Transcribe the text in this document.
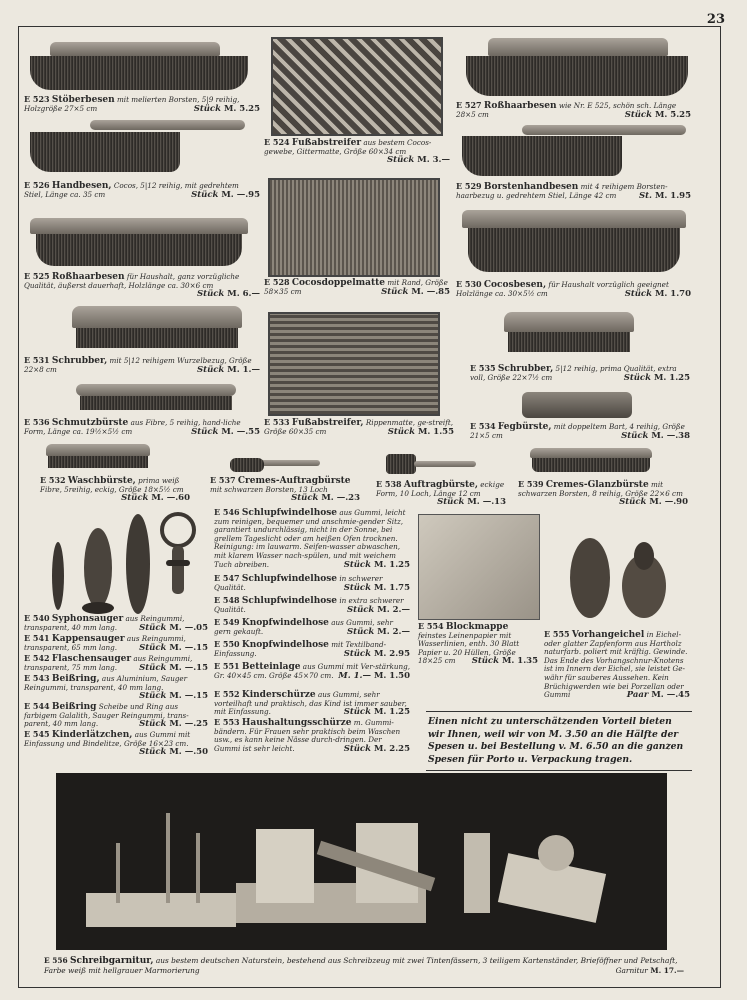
23
E 523 Stöberbesen mit melierten Borsten, 5|9 reihig, Holzgröße 27×5 cm	Stück M. 5.25	E 527 Roßhaarbesen wie Nr. E 525, schön sch. Länge 28×5 cm	Stück M. 5.25
E 524 Fußabstreifer aus bestem Cocos-gewebe, Gittermatte, Größe 60×34 cm

Stück M. 3.—
E 526 Handbesen, Cocos, 5|12 reihig, mit gedrehtem Stiel, Länge ca. 35 cm	Stück M. —.95
E 529 Borstenhandbesen mit 4 reihigem Borsten-haarbezug u. gedrehtem Stiel, Länge 42 cm	St. M. 1.95
E 525 Roßhaarbesen für Haushalt, ganz vorzügliche Qualität, äußerst dauerhaft, Holzlänge ca. 30×6 cm
Stück M. 6.—
E 528 Cocosdoppelmatte mit Rand, Größe 58×35 cm	Stück M. —.85
E 530 Cocosbesen, für Haushalt vorzüglich geeignet Holzlänge ca. 30×5½ cm	Stück M. 1.70
E 531 Schrubber, mit 5|12 reihigem Wurzelbezug, Größe 22×8 cm	Stück M. 1.—	E 535 Schrubber, 5|12 reihig, prima Qualität, extra voll, Größe 22×7½ cm	Stück M. 1.25
E 536 Schmutzbürste aus Fibre, 5 reihig, hand-liche Form, Länge ca. 19½×5½ cm	Stück M. —.55
E 533 Fußabstreifer, Rippenmatte, ge-streift, Größe 60×35 cm	Stück M. 1.55
E 534 Fegbürste, mit doppeltem Bart, 4 reihig, Größe 21×5 cm	Stück M. —.38
E 532 Waschbürste, prima weiß Fibre, 5reihig, eckig, Größe 18×5½ cm
Stück M. —.60
E 537 Cremes-Auftragbürste mit schwarzen Borsten, 13 Loch
Stück M. —.23
E 538 Auftragbürste, eckige Form, 10 Loch, Länge 12 cm
Stück M. —.13
E 539 Cremes-Glanzbürste mit schwarzen Borsten, 8 reihig, Größe 22×6 cm
Stück M. —.90
E 546 Schlupfwindelhose aus Gummi, leicht zum reinigen, bequemer und anschmie-gender Sitz, garantiert undurchlässig, nicht in der Sonne, bei grellem Tageslicht oder am heißen Ofen trocknen. Reinigung: im lauwarm. Seifen-wasser abwaschen, mit klarem Wasser nach-spülen, und mit weichem Tuch abreiben.	Stück M. 1.25
E 547 Schlupfwindelhose in schwerer Qualität.	Stück M. 1.75
E 548 Schlupfwindelhose in extra schwerer Qualität.	Stück M. 2.—
E 549 Knopfwindelhose aus Gummi, sehr gern gekauft.	Stück M. 2.—
E 550 Knopfwindelhose mit Textilband-Einfassung.	Stück M. 2.95
E 551 Betteinlage aus Gummi mit Ver-stärkung, Gr. 40×45 cm. Größe 45×70 cm. M. 1.— M. 1.50
E 552 Kinderschürze aus Gummi, sehr vorteilhaft und praktisch, das Kind ist immer sauber, mit Einfassung.	Stück M. 1.25
E 553 Haushaltungsschürze m. Gummi-bändern. Für Frauen sehr praktisch beim Waschen usw., es kann keine Nässe durch-dringen. Der Gummi ist sehr leicht.	Stück M. 2.25
E 540 Syphonsauger aus Reingummi, transparent, 40 mm lang.	Stück M. —.05
E 541 Kappensauger aus Reingummi, transparent, 65 mm lang.	Stück M. —.15
E 542 Flaschensauger aus Reingummi, transparent, 75 mm lang.	Stück M. —.15
E 543 Beißring, aus Aluminium, Sauger Reingummi, transparent, 40 mm lang.
Stück M. —.15
E 544 Beißring Scheibe und Ring aus farbigem Galalith, Sauger Reingummi, trans-parent, 40 mm lang.	Stück M. —.25
E 545 Kinderlätzchen, aus Gummi mit Einfassung und Bindelitze, Größe 16×23 cm.
Stück M. —.50
E 554 Blockmappe feinstes Leinenpapier mit Wasserlinien, enth. 30 Blatt Papier u. 20 Hüllen, Größe 18×25 cm Stück M. 1.35
E 555 Vorhangeichel in Eichel- oder glatter Zapfenform aus Hartholz naturfarb. poliert mit kräftig. Gewinde. Das Ende des Vorhangschnur-Knotens ist im Innern der Eichel, sie leistet Ge-währ für sauberes Aussehen. Kein Brüchigwerden wie bei Porzellan oder Gummi	Paar M. —.45
Einen nicht zu unterschätzenden Vorteil bieten wir Ihnen, weil wir von M. 3.50 an die Hälfte der Spesen u. bei Bestellung v. M. 6.50 an die ganzen Spesen für Porto u. Verpackung tragen.
E 556 Schreibgarnitur, aus bestem deutschen Naturstein, bestehend aus Schreibzeug mit zwei Tintenfässern, 3 teiligem Kartenständer, Brieföffner und Petschaft, Farbe weiß mit hellgrauer Marmorierung	Garnitur M. 17.—
